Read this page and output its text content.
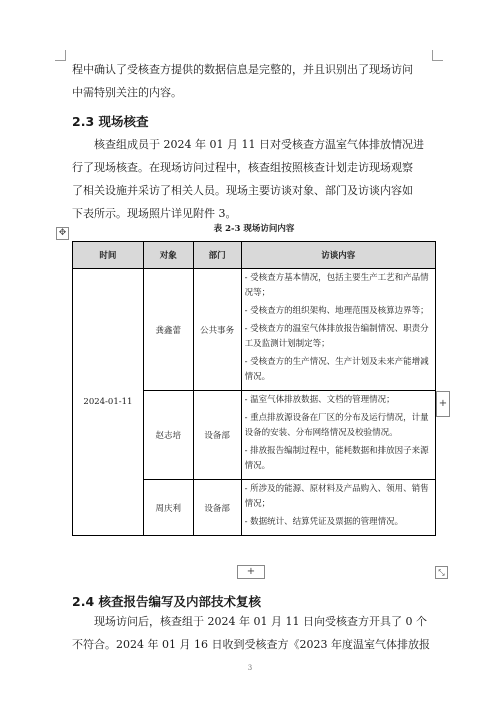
程中确认了受核查方提供的数据信息是完整的，并且识别出了现场访问

中需特别关注的内容。

2.3 现场核查

核查组成员于 2024 年 01 月 11 日对受核查方温室气体排放情况进

行了现场核查。在现场访问过程中，核查组按照核查计划走访现场观察

了相关设施并采访了相关人员。现场主要访谈对象、部门及访谈内容如

下表所示。现场照片详见附件 3。

✥	表 2-3 现场访问内容
时间	对象	部门	访谈内容
2024-01-11	龚鑫蕾	公共事务	- 受核查方基本情况，包括主要生产工艺和产品情况等；
- 受核查方的组织架构、地理范围及核算边界等；
- 受核查方的温室气体排放报告编制情况、职责分工及监测计划制定等；
- 受核查方的生产情况、生产计划及未来产能增减情况。

	赵志培	设备部	- 温室气体排放数据、文档的管理情况；
- 重点排放源设备在厂区的分布及运行情况，计量设备的安装、分布网络情况及校验情况。
- 排放报告编制过程中，能耗数据和排放因子来源情况。

	周庆利	设备部	- 所涉及的能源、原材料及产品购入、领用、销售情况；
- 数据统计、结算凭证及票据的管理情况。
+
+	⤡
2.4 核查报告编写及内部技术复核

现场访问后，核查组于 2024 年 01 月 11 日向受核查方开具了 0 个

不符合。2024 年 01 月 16 日收到受核查方《2023 年度温室气体排放报

3
